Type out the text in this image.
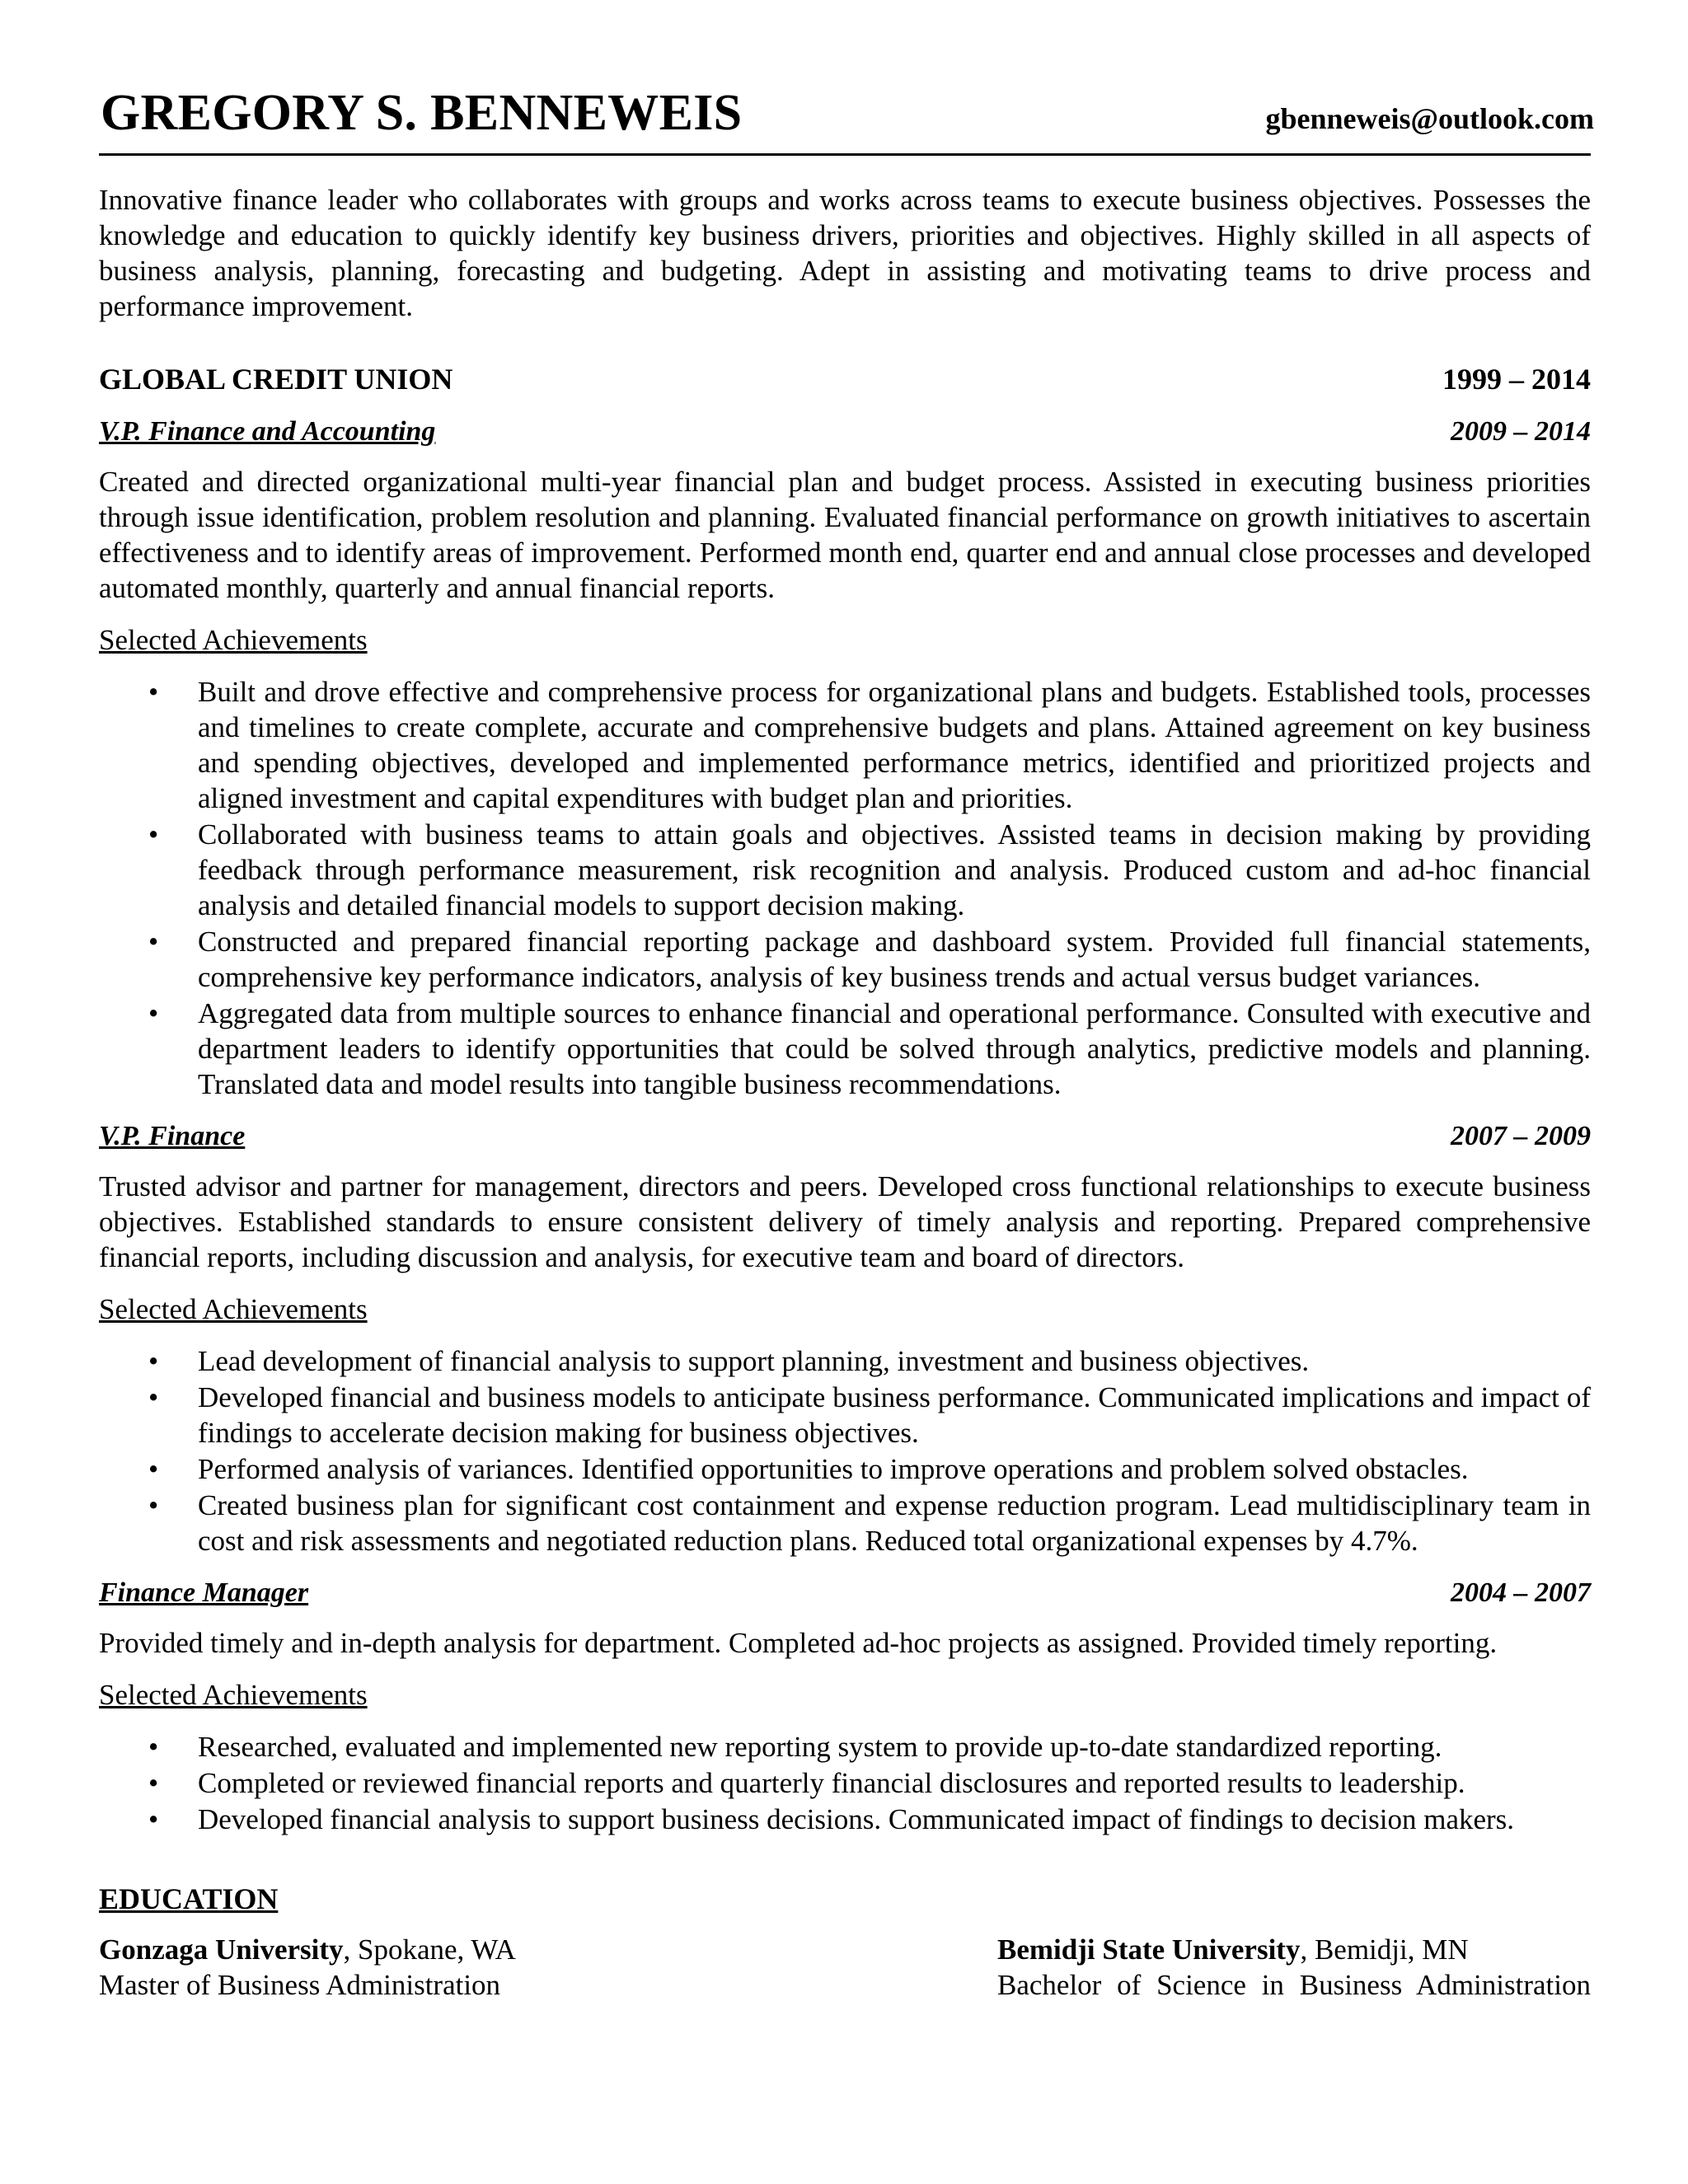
GREGORY S. BENNEWEIS	gbenneweis@outlook.com

Innovative finance leader who collaborates with groups and works across teams to execute business objectives. Possesses the knowledge and education to quickly identify key business drivers, priorities and objectives. Highly skilled in all aspects of business analysis, planning, forecasting and budgeting. Adept in assisting and motivating teams to drive process and performance improvement.

GLOBAL CREDIT UNION	1999 – 2014
V.P. Finance and Accounting	2009 – 2014

Created and directed organizational multi-year financial plan and budget process. Assisted in executing business priorities through issue identification, problem resolution and planning. Evaluated financial performance on growth initiatives to ascertain effectiveness and to identify areas of improvement. Performed month end, quarter end and annual close processes and developed automated monthly, quarterly and annual financial reports.

Selected Achievements

• Built and drove effective and comprehensive process for organizational plans and budgets. Established tools, processes and timelines to create complete, accurate and comprehensive budgets and plans. Attained agreement on key business and spending objectives, developed and implemented performance metrics, identified and prioritized projects and aligned investment and capital expenditures with budget plan and priorities.
• Collaborated with business teams to attain goals and objectives. Assisted teams in decision making by providing feedback through performance measurement, risk recognition and analysis. Produced custom and ad-hoc financial analysis and detailed financial models to support decision making.
• Constructed and prepared financial reporting package and dashboard system. Provided full financial statements, comprehensive key performance indicators, analysis of key business trends and actual versus budget variances.
• Aggregated data from multiple sources to enhance financial and operational performance. Consulted with executive and department leaders to identify opportunities that could be solved through analytics, predictive models and planning. Translated data and model results into tangible business recommendations.
V.P. Finance	2007 – 2009

Trusted advisor and partner for management, directors and peers. Developed cross functional relationships to execute business objectives. Established standards to ensure consistent delivery of timely analysis and reporting. Prepared comprehensive financial reports, including discussion and analysis, for executive team and board of directors.

Selected Achievements

• Lead development of financial analysis to support planning, investment and business objectives.
• Developed financial and business models to anticipate business performance. Communicated implications and impact of findings to accelerate decision making for business objectives.
• Performed analysis of variances. Identified opportunities to improve operations and problem solved obstacles.
• Created business plan for significant cost containment and expense reduction program. Lead multidisciplinary team in cost and risk assessments and negotiated reduction plans. Reduced total organizational expenses by 4.7%.
Finance Manager	2004 – 2007

Provided timely and in-depth analysis for department. Completed ad-hoc projects as assigned. Provided timely reporting.

Selected Achievements

• Researched, evaluated and implemented new reporting system to provide up-to-date standardized reporting.
• Completed or reviewed financial reports and quarterly financial disclosures and reported results to leadership.
• Developed financial analysis to support business decisions. Communicated impact of findings to decision makers.
EDUCATION
Gonzaga University, Spokane, WA
Master of Business Administration
Bemidji State University, Bemidji, MN
Bachelor of Science in Business Administration
